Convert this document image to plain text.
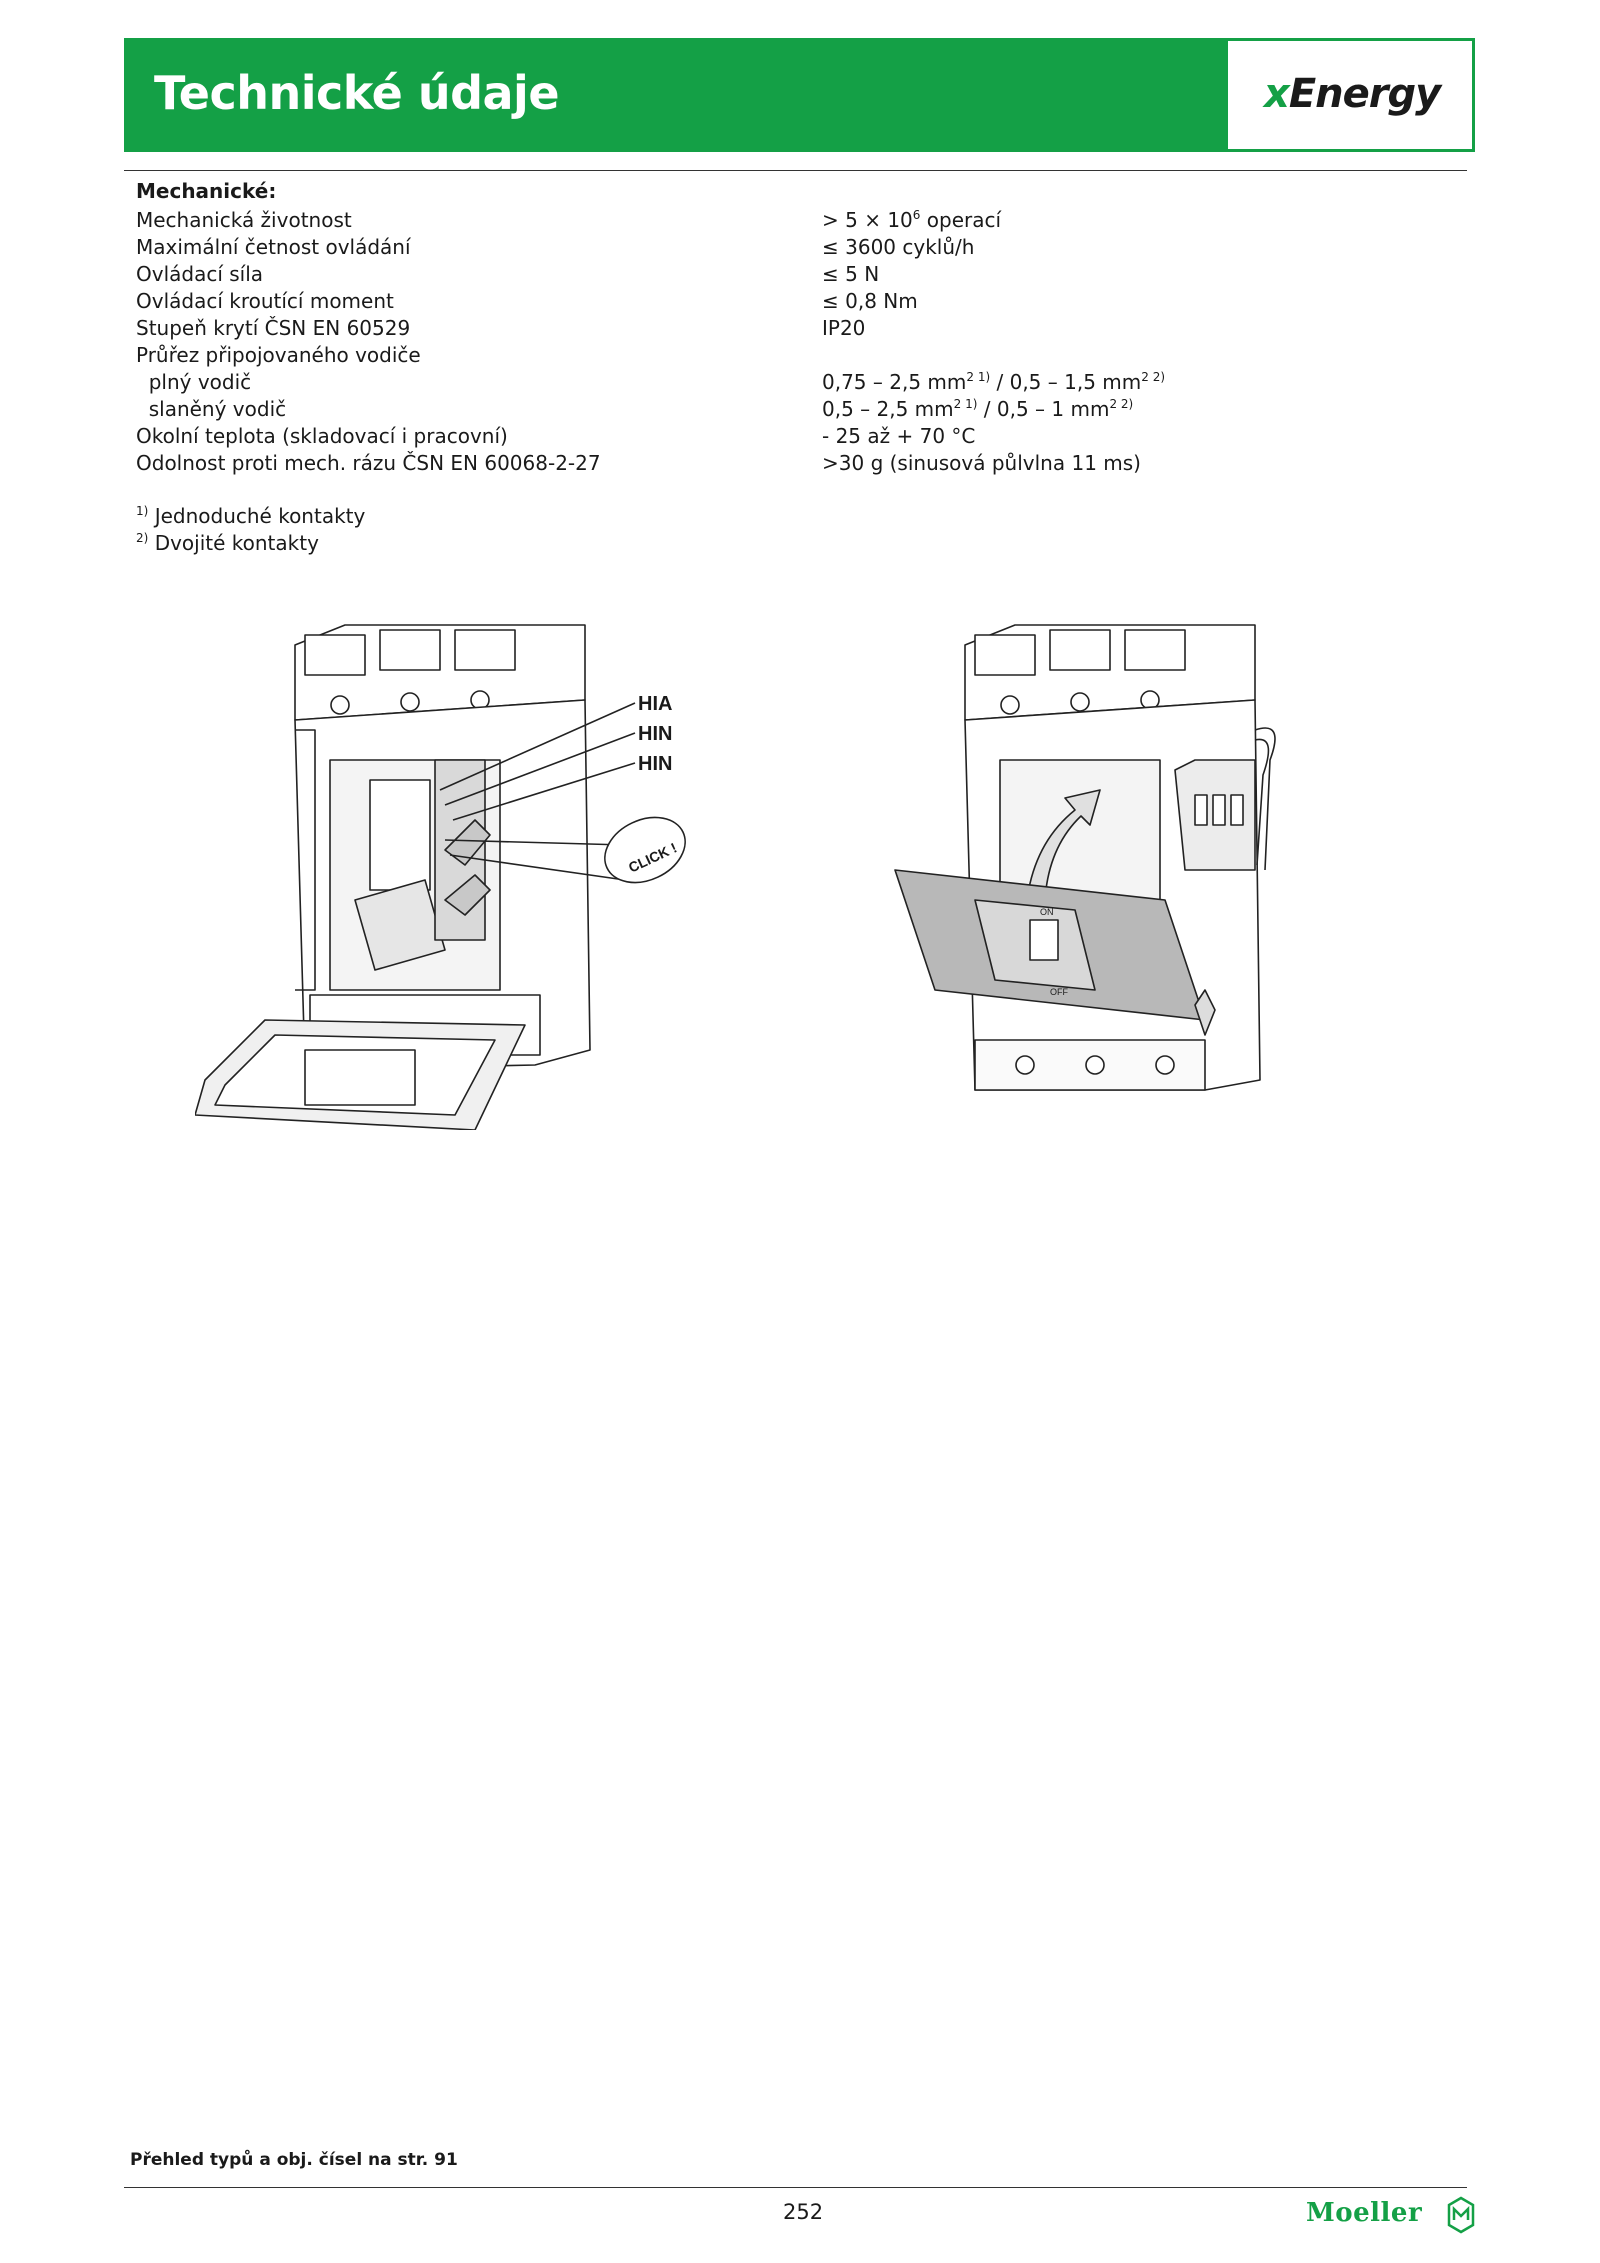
Technické údaje	xEnergy
Mechanické:
Mechanická životnost	> $5 \times 10^6$ operací
Maximální četnost ovládání	≤ 3600 cyklů/h
Ovládací síla	≤ 5 N
Ovládací kroutící moment	≤ 0,8 Nm
Stupeň krytí ČSN EN 60529	IP20
Průřez připojovaného vodiče
plný vodič	0,75 – 2,5 $mm^{2 1)} / 0,5 - 1,5$ $mm^{2 2)}$
slaněný vodič	0,5 – 2,5 $mm^{2 1)} / 0,5 - 1$ $mm^{2 2)}$
Okolní teplota (skladovací i pracovní)	- 25 až + 70 °C
Odolnost proti mech. rázu ČSN EN 60068-2-27	>30 g (sinusová půlvlna 11 ms)
$^{1)}$ Jednoduché kontakty
$^{2)}$ Dvojité kontakty
HIA
HIN
HIN
CLICK !
ON
OFF
Přehled typů a obj. čísel na str. 91
252	Moeller
